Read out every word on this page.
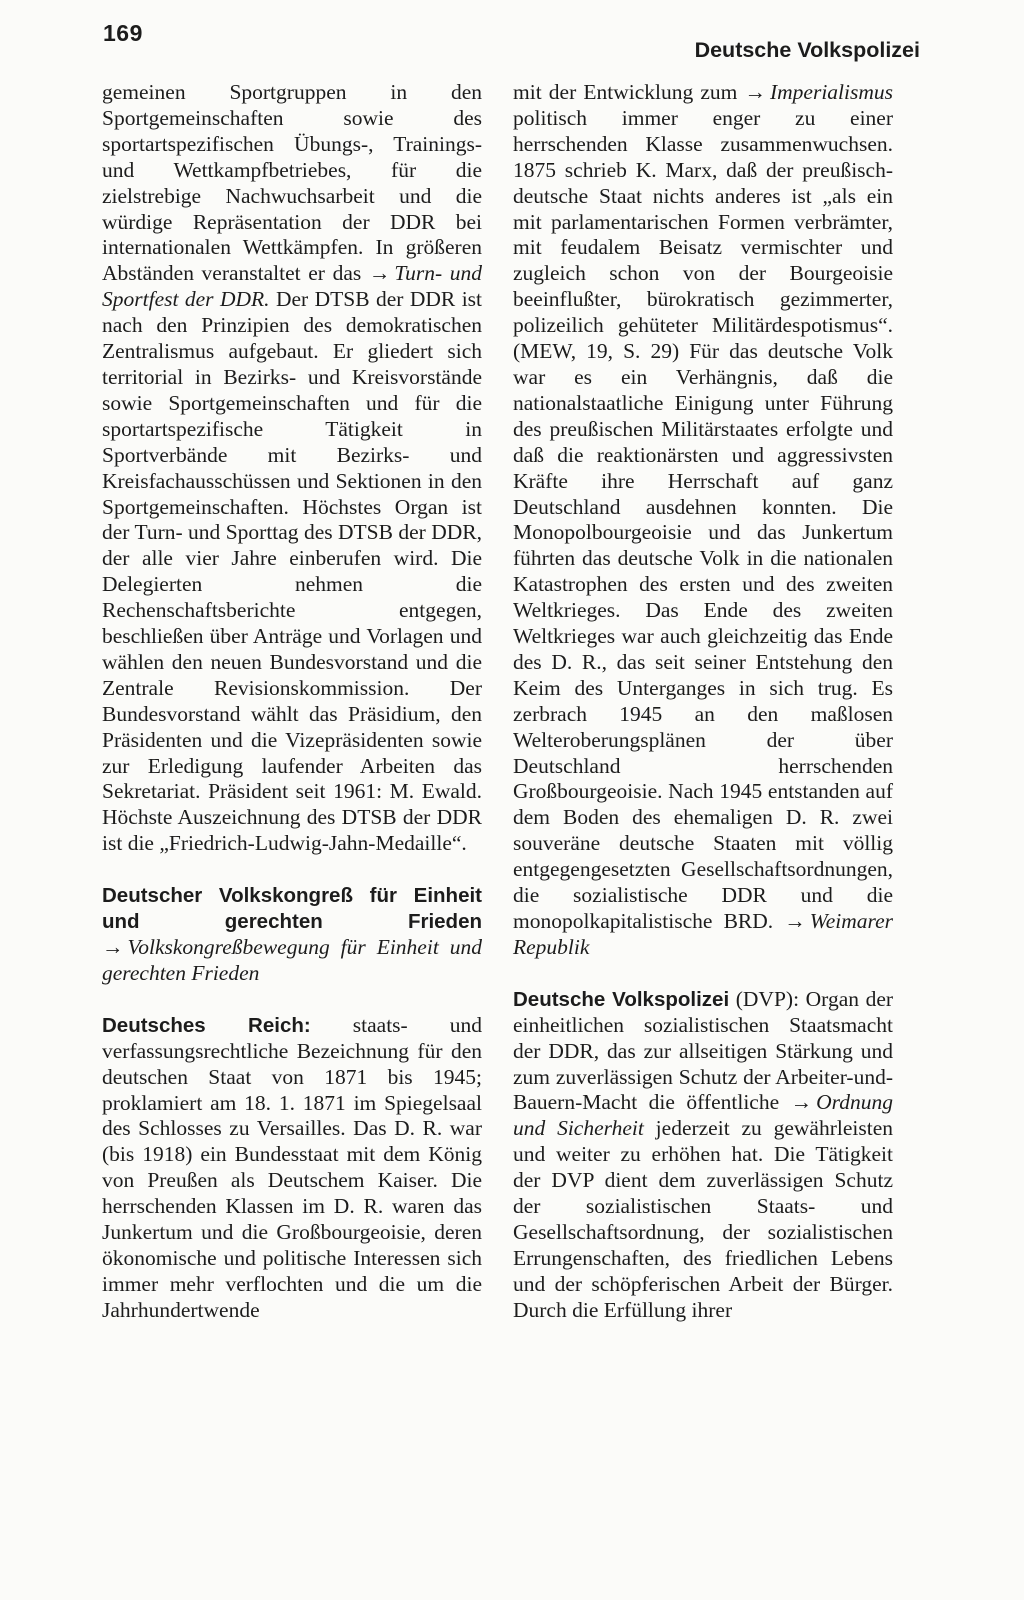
169
Deutsche Volkspolizei

gemeinen Sportgruppen in den Sportgemeinschaften sowie des sportartspezifischen Übungs-, Trainings- und Wettkampfbetriebes, für die zielstrebige Nachwuchsarbeit und die würdige Repräsentation der DDR bei internationalen Wettkämpfen. In größeren Abständen veranstaltet er das → Turn- und Sportfest der DDR. Der DTSB der DDR ist nach den Prinzipien des demokratischen Zentralismus aufgebaut. Er gliedert sich territorial in Bezirks- und Kreisvorstände sowie Sportgemeinschaften und für die sportartspezifische Tätigkeit in Sportverbände mit Bezirks- und Kreisfachausschüssen und Sektionen in den Sportgemeinschaften. Höchstes Organ ist der Turn- und Sporttag des DTSB der DDR, der alle vier Jahre einberufen wird. Die Delegierten nehmen die Rechenschaftsberichte entgegen, beschließen über Anträge und Vorlagen und wählen den neuen Bundesvorstand und die Zentrale Revisionskommission. Der Bundesvorstand wählt das Präsidium, den Präsidenten und die Vizepräsidenten sowie zur Erledigung laufender Arbeiten das Sekretariat. Präsident seit 1961: M. Ewald. Höchste Auszeichnung des DTSB der DDR ist die „Friedrich-Ludwig-Jahn-Medaille“.

Deutscher Volkskongreß für Einheit und gerechten Frieden → Volkskongreßbewegung für Einheit und gerechten Frieden

Deutsches Reich: staats- und verfassungsrechtliche Bezeichnung für den deutschen Staat von 1871 bis 1945; proklamiert am 18. 1. 1871 im Spiegelsaal des Schlosses zu Versailles. Das D. R. war (bis 1918) ein Bundesstaat mit dem König von Preußen als Deutschem Kaiser. Die herrschenden Klassen im D. R. waren das Junkertum und die Großbourgeoisie, deren ökonomische und politische Interessen sich immer mehr verflochten und die um die Jahrhundertwende

mit der Entwicklung zum → Imperialismus politisch immer enger zu einer herrschenden Klasse zusammenwuchsen. 1875 schrieb K. Marx, daß der preußisch-deutsche Staat nichts anderes ist „als ein mit parlamentarischen Formen verbrämter, mit feudalem Beisatz vermischter und zugleich schon von der Bourgeoisie beeinflußter, bürokratisch gezimmerter, polizeilich gehüteter Militärdespotismus“. (MEW, 19, S. 29) Für das deutsche Volk war es ein Verhängnis, daß die nationalstaatliche Einigung unter Führung des preußischen Militärstaates erfolgte und daß die reaktionärsten und aggressivsten Kräfte ihre Herrschaft auf ganz Deutschland ausdehnen konnten. Die Monopolbourgeoisie und das Junkertum führten das deutsche Volk in die nationalen Katastrophen des ersten und des zweiten Weltkrieges. Das Ende des zweiten Weltkrieges war auch gleichzeitig das Ende des D. R., das seit seiner Entstehung den Keim des Unterganges in sich trug. Es zerbrach 1945 an den maßlosen Welteroberungsplänen der über Deutschland herrschenden Großbourgeoisie. Nach 1945 entstanden auf dem Boden des ehemaligen D. R. zwei souveräne deutsche Staaten mit völlig entgegengesetzten Gesellschaftsordnungen, die sozialistische DDR und die monopolkapitalistische BRD. → Weimarer Republik

Deutsche Volkspolizei (DVP): Organ der einheitlichen sozialistischen Staatsmacht der DDR, das zur allseitigen Stärkung und zum zuverlässigen Schutz der Arbeiter-und-Bauern-Macht die öffentliche → Ordnung und Sicherheit jederzeit zu gewährleisten und weiter zu erhöhen hat. Die Tätigkeit der DVP dient dem zuverlässigen Schutz der sozialistischen Staats- und Gesellschaftsordnung, der sozialistischen Errungenschaften, des friedlichen Lebens und der schöpferischen Arbeit der Bürger. Durch die Erfüllung ihrer
